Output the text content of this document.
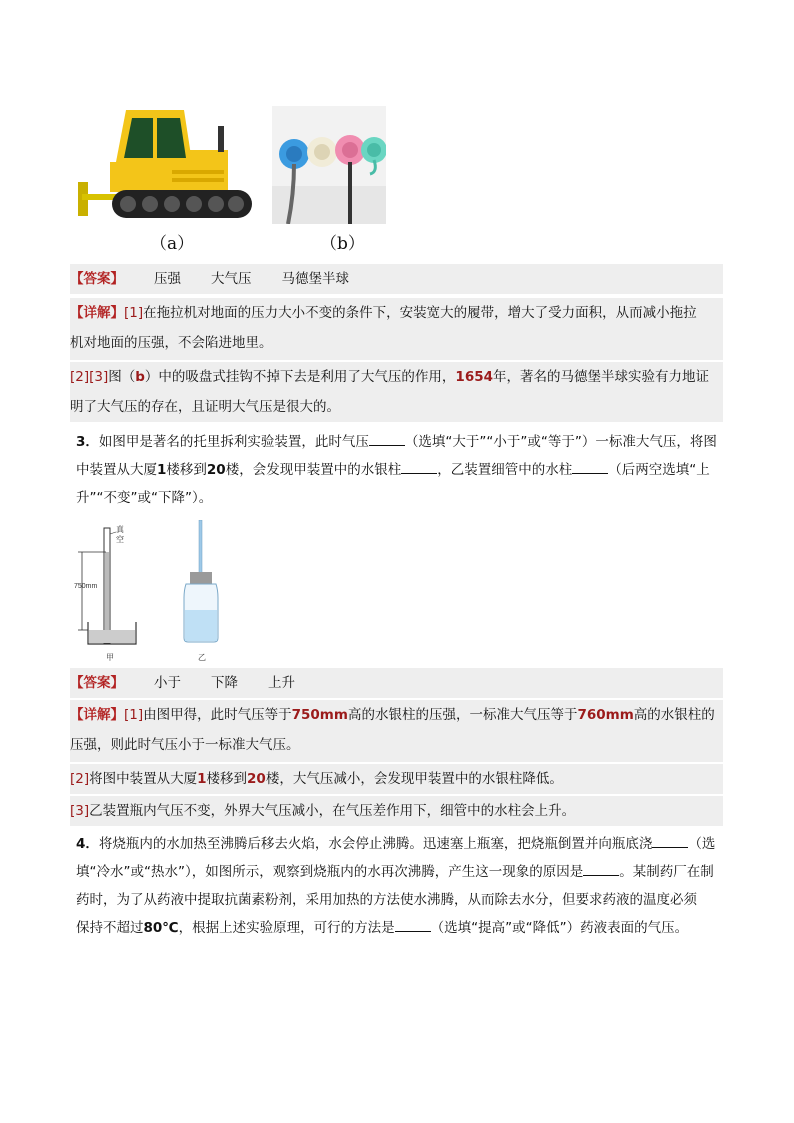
（a）	（b）
【答案】 压强 大气压 马德堡半球
【详解】[1]在拖拉机对地面的压力大小不变的条件下，安装宽大的履带，增大了受力面积，从而减小拖拉
机对地面的压强，不会陷进地里。
[2][3]图（b）中的吸盘式挂钩不掉下去是利用了大气压的作用，1654年，著名的马德堡半球实验有力地证
明了大气压的存在，且证明大气压是很大的。
3．如图甲是著名的托里拆利实验装置，此时气压	（选填“大于”“小于”或“等于”）一标准大气压，将图
中装置从大厦1楼移到20楼，会发现甲装置中的水银柱	，乙装置细管中的水柱	（后两空选填“上
升”“不变”或“下降”）。
750mm
真
空
甲	乙
【答案】 小于 下降 上升
【详解】[1]由图甲得，此时气压等于750mm高的水银柱的压强，一标准大气压等于760mm高的水银柱的
压强，则此时气压小于一标准大气压。
[2]将图中装置从大厦1楼移到20楼，大气压减小，会发现甲装置中的水银柱降低。
[3]乙装置瓶内气压不变，外界大气压减小，在气压差作用下，细管中的水柱会上升。
4．将烧瓶内的水加热至沸腾后移去火焰，水会停止沸腾。迅速塞上瓶塞，把烧瓶倒置并向瓶底浇	（选
填“冷水”或“热水”），如图所示，观察到烧瓶内的水再次沸腾，产生这一现象的原因是	。某制药厂在制
药时，为了从药液中提取抗菌素粉剂，采用加热的方法使水沸腾，从而除去水分，但要求药液的温度必须
保持不超过80℃，根据上述实验原理，可行的方法是	（选填“提高”或“降低”）药液表面的气压。
